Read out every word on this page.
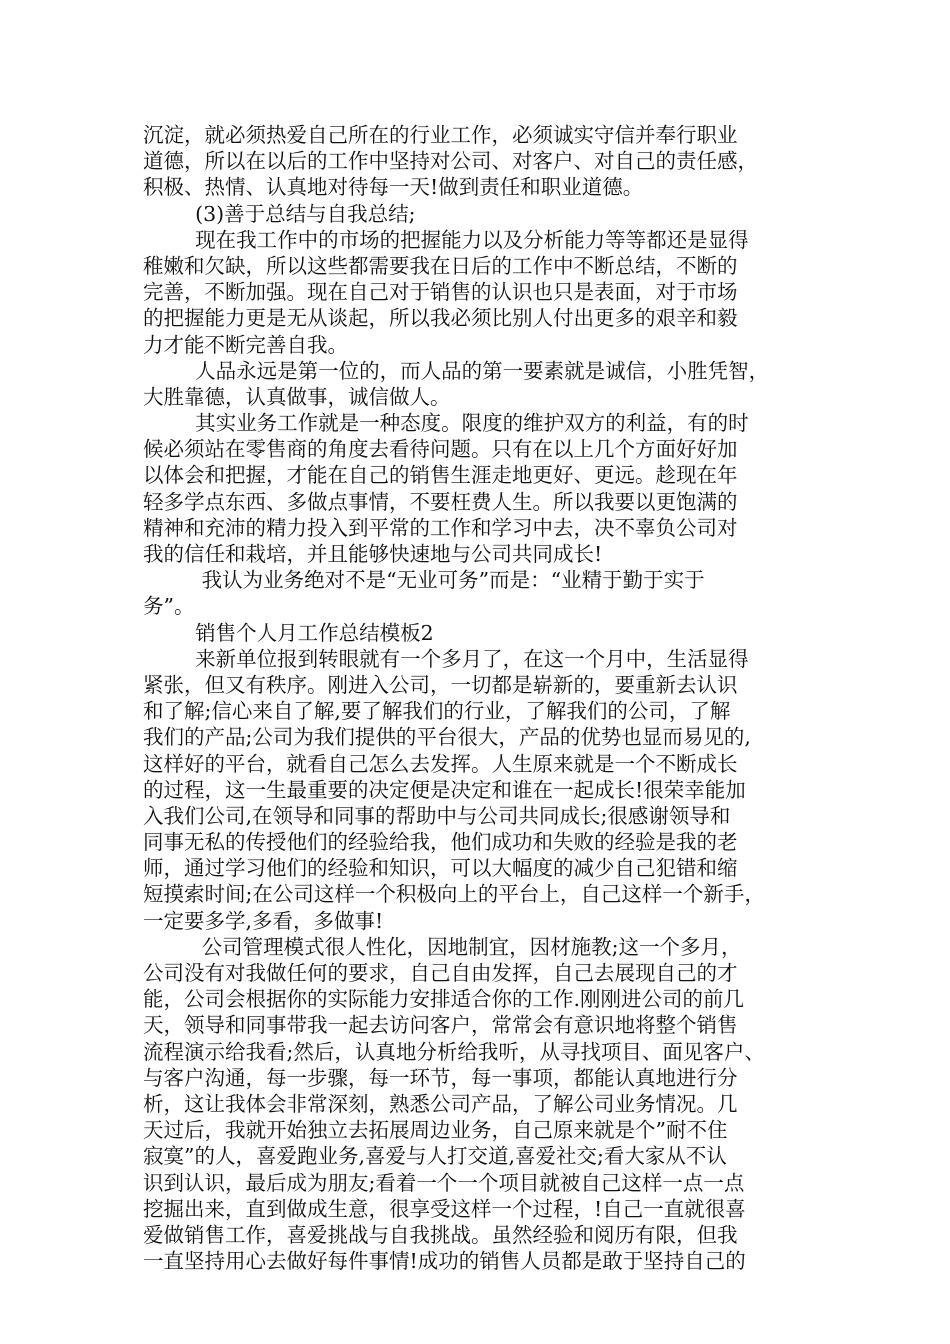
沉淀，就必须热爱自己所在的行业工作，必须诚实守信并奉行职业
道德，所以在以后的工作中坚持对公司、对客户、对自己的责任感，
积极、热情、认真地对待每一天!做到责任和职业道德。
(3)善于总结与自我总结;
现在我工作中的市场的把握能力以及分析能力等等都还是显得
稚嫩和欠缺，所以这些都需要我在日后的工作中不断总结，不断的
完善，不断加强。现在自己对于销售的认识也只是表面，对于市场
的把握能力更是无从谈起，所以我必须比别人付出更多的艰辛和毅
力才能不断完善自我。
人品永远是第一位的，而人品的第一要素就是诚信，小胜凭智，
大胜靠德，认真做事，诚信做人。
其实业务工作就是一种态度。限度的维护双方的利益，有的时
候必须站在零售商的角度去看待问题。只有在以上几个方面好好加
以体会和把握，才能在自己的销售生涯走地更好、更远。趁现在年
轻多学点东西、多做点事情，不要枉费人生。所以我要以更饱满的
精神和充沛的精力投入到平常的工作和学习中去，决不辜负公司对
我的信任和栽培，并且能够快速地与公司共同成长!
我认为业务绝对不是“无业可务”而是：“业精于勤于实于
务”。
销售个人月工作总结模板2
来新单位报到转眼就有一个多月了，在这一个月中，生活显得
紧张，但又有秩序。刚进入公司，一切都是崭新的，要重新去认识
和了解;信心来自了解,要了解我们的行业，了解我们的公司，了解
我们的产品;公司为我们提供的平台很大，产品的优势也显而易见的,
这样好的平台，就看自己怎么去发挥。人生原来就是一个不断成长
的过程，这一生最重要的决定便是决定和谁在一起成长!很荣幸能加
入我们公司,在领导和同事的帮助中与公司共同成长;很感谢领导和
同事无私的传授他们的经验给我，他们成功和失败的经验是我的老
师，通过学习他们的经验和知识，可以大幅度的减少自己犯错和缩
短摸索时间;在公司这样一个积极向上的平台上，自己这样一个新手，
一定要多学,多看，多做事!
公司管理模式很人性化，因地制宜，因材施教;这一个多月，
公司没有对我做任何的要求，自己自由发挥，自己去展现自己的才
能，公司会根据你的实际能力安排适合你的工作.刚刚进公司的前几
天，领导和同事带我一起去访问客户，常常会有意识地将整个销售
流程演示给我看;然后，认真地分析给我听，从寻找项目、面见客户、
与客户沟通，每一步骤，每一环节，每一事项，都能认真地进行分
析，这让我体会非常深刻，熟悉公司产品，了解公司业务情况。几
天过后，我就开始独立去拓展周边业务，自己原来就是个”耐不住
寂寞”的人，喜爱跑业务,喜爱与人打交道,喜爱社交;看大家从不认
识到认识，最后成为朋友;看着一个一个项目就被自己这样一点一点
挖掘出来，直到做成生意，很享受这样一个过程，!自己一直就很喜
爱做销售工作，喜爱挑战与自我挑战。虽然经验和阅历有限，但我
一直坚持用心去做好每件事情!成功的销售人员都是敢于坚持自己的
